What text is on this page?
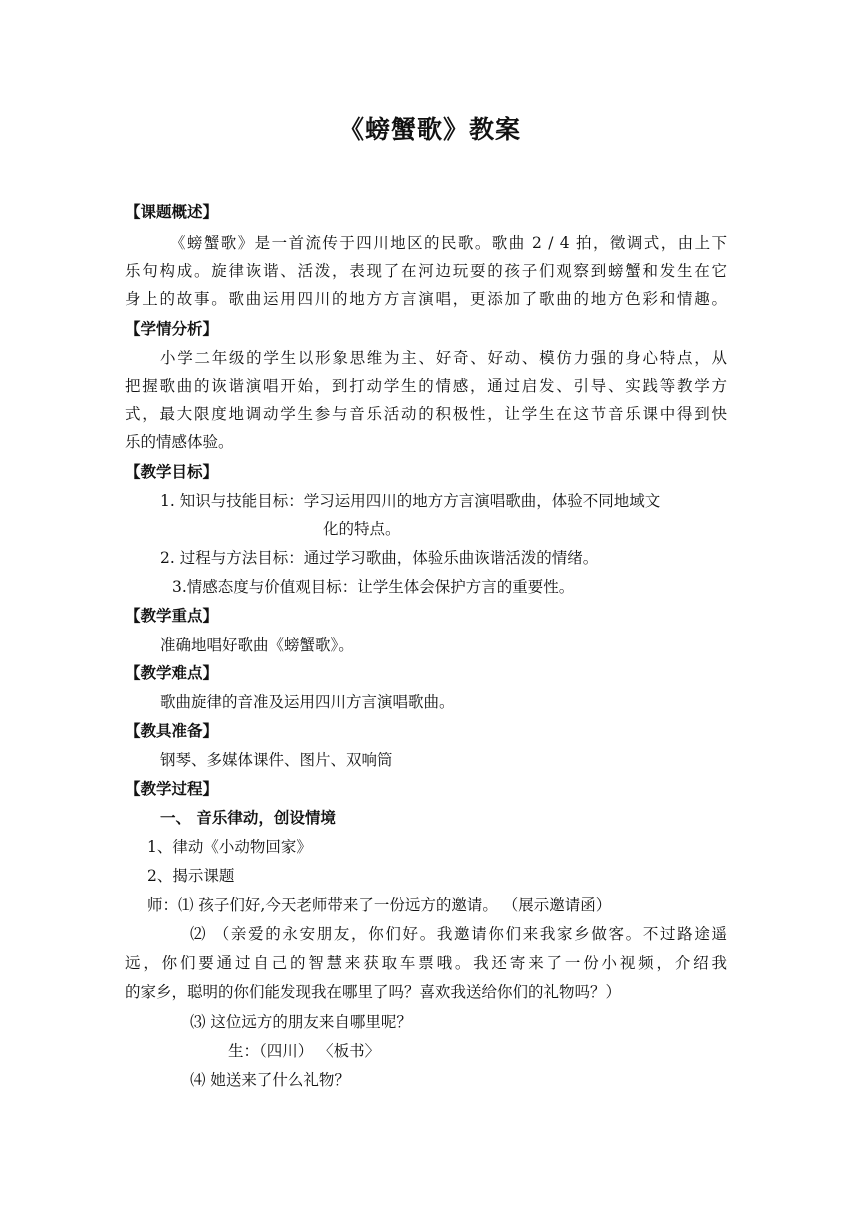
《螃蟹歌》教案
【课题概述】
《螃蟹歌》是一首流传于四川地区的民歌。歌曲 2 / 4 拍，徵调式，由上下
乐句构成。旋律诙谐、活泼，表现了在河边玩耍的孩子们观察到螃蟹和发生在它
身上的故事。歌曲运用四川的地方方言演唱，更添加了歌曲的地方色彩和情趣。
【学情分析】
小学二年级的学生以形象思维为主、好奇、好动、模仿力强的身心特点，从
把握歌曲的诙谐演唱开始，到打动学生的情感，通过启发、引导、实践等教学方
式，最大限度地调动学生参与音乐活动的积极性，让学生在这节音乐课中得到快
乐的情感体验。
【教学目标】
1. 知识与技能目标：学习运用四川的地方方言演唱歌曲，体验不同地域文
化的特点。
2. 过程与方法目标：通过学习歌曲，体验乐曲诙谐活泼的情绪。
3.情感态度与价值观目标：让学生体会保护方言的重要性。
【教学重点】
准确地唱好歌曲《螃蟹歌》。
【教学难点】
歌曲旋律的音准及运用四川方言演唱歌曲。
【教具准备】
钢琴、多媒体课件、图片、双响筒
【教学过程】
一、 音乐律动，创设情境
1、律动《小动物回家》
2、揭示课题
师：⑴ 孩子们好,今天老师带来了一份远方的邀请。 （展示邀请函）
⑵ （亲爱的永安朋友，你们好。我邀请你们来我家乡做客。不过路途遥
远，你们要通过自己的智慧来获取车票哦。我还寄来了一份小视频，介绍我
的家乡，聪明的你们能发现我在哪里了吗？喜欢我送给你们的礼物吗？）
⑶ 这位远方的朋友来自哪里呢？
生：（四川） 〈板书〉
⑷ 她送来了什么礼物？
